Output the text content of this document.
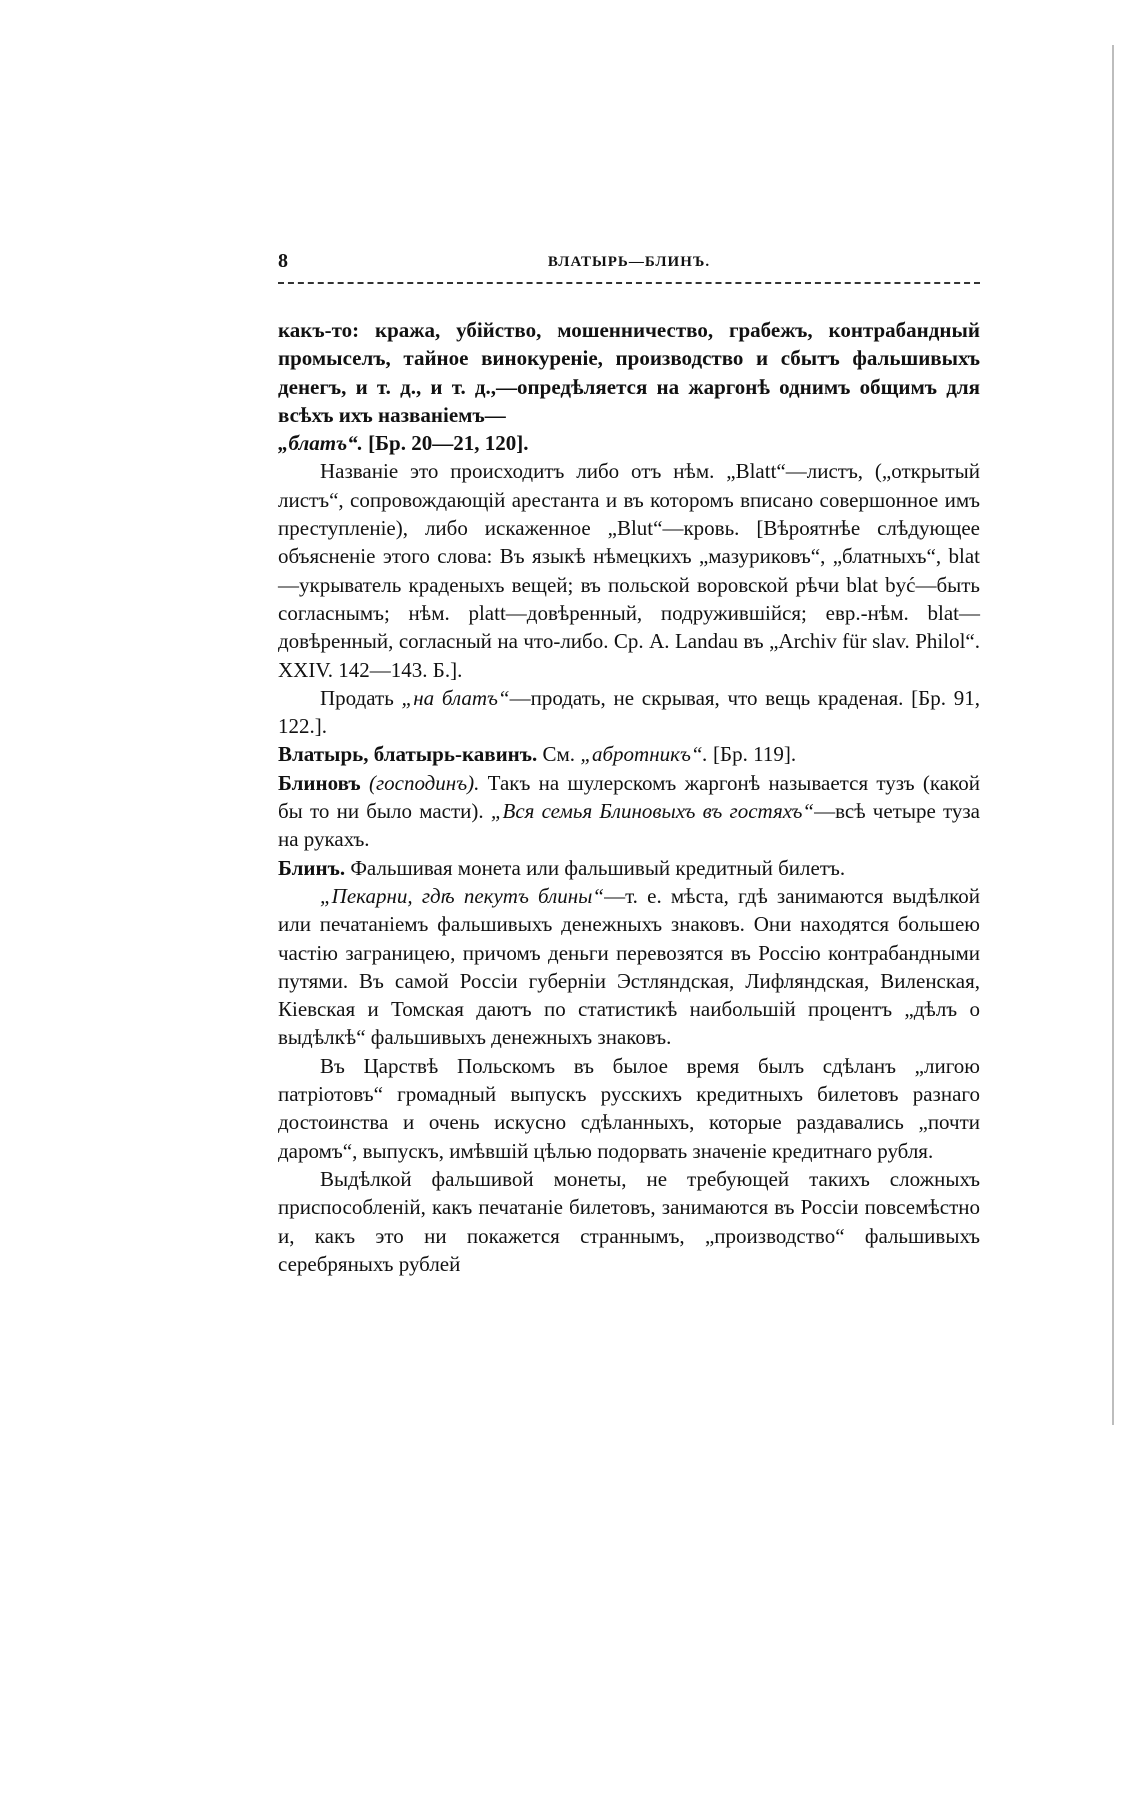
8	ВЛАТЫРЬ—БЛИНЪ.

какъ-то: кража, убійство, мошенничество, грабежъ, контрабандный промыселъ, тайное винокуреніе, производство и сбытъ фальшивыхъ денегъ, и т. д., и т. д.,—опредѣляется на жаргонѣ однимъ общимъ для всѣхъ ихъ названіемъ—
„блатъ“. [Бр. 20—21, 120].

Названіе это происходитъ либо отъ нѣм. „Blatt“—листъ, („открытый листъ“, сопровождающій арестанта и въ которомъ вписано совершонное имъ преступленіе), либо искаженное „Blut“—кровь. [Вѣроятнѣе слѣдующее объясненіе этого слова: Въ языкѣ нѣмецкихъ „мазуриковъ“, „блатныхъ“, blat—укрыватель краденыхъ вещей; въ польской воровской рѣчи blat być—быть согласнымъ; нѣм. platt—довѣренный, подружившійся; евр.-нѣм. blat—довѣренный, согласный на что-либо. Ср. A. Landau въ „Archiv für slav. Philol“. XXIV. 142—143. Б.].

Продать „на блатъ“—продать, не скрывая, что вещь краденая. [Бр. 91, 122.].

Влатырь, блатырь-кавинъ. См. „абротникъ“. [Бр. 119].

Блиновъ (господинъ). Такъ на шулерскомъ жаргонѣ называется тузъ (какой бы то ни было масти). „Вся семья Блиновыхъ въ гостяхъ“—всѣ четыре туза на рукахъ.

Блинъ. Фальшивая монета или фальшивый кредитный билетъ.

„Пекарни, гдѣ пекутъ блины“—т. е. мѣста, гдѣ занимаются выдѣлкой или печатаніемъ фальшивыхъ денежныхъ знаковъ. Они находятся большею частію заграницею, причомъ деньги перевозятся въ Россію контрабандными путями. Въ самой Россіи губерніи Эстляндская, Лифляндская, Виленская, Кіевская и Томская даютъ по статистикѣ наибольшій процентъ „дѣлъ о выдѣлкѣ“ фальшивыхъ денежныхъ знаковъ.

Въ Царствѣ Польскомъ въ былое время былъ сдѣланъ „лигою патріотовъ“ громадный выпускъ русскихъ кредитныхъ билетовъ разнаго достоинства и очень искусно сдѣланныхъ, которые раздавались „почти даромъ“, выпускъ, имѣвшій цѣлью подорвать значеніе кредитнаго рубля.

Выдѣлкой фальшивой монеты, не требующей такихъ сложныхъ приспособленій, какъ печатаніе билетовъ, занимаются въ Россіи повсемѣстно и, какъ это ни покажется страннымъ, „производство“ фальшивыхъ серебряныхъ рублей
